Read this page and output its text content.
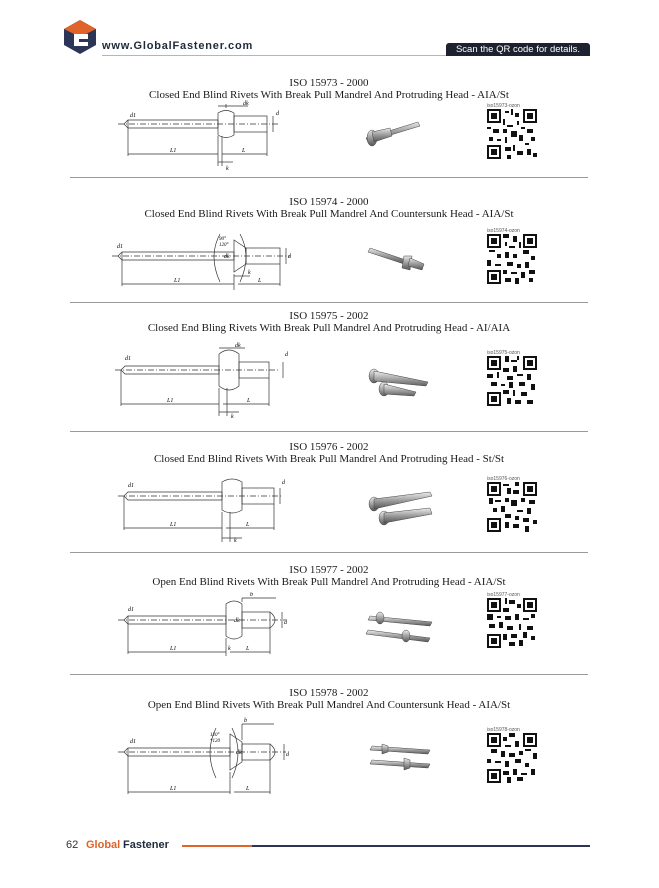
www.GlobalFastener.com	Scan the QR code for details.
ISO 15973 - 2000
Closed End Blind Rivets With Break Pull Mandrel And Protruding Head - AIA/St
d1
dk
d
L1	L
k
iso15973-ozon
ISO 15974 - 2000
Closed End Blind Rivets With Break Pull Mandrel And Countersunk Head - AIA/St
d1
90°
120°
dk	d
L1	L
k
iso15974-ozon
ISO 15975 - 2002
Closed End Bling Rivets With Break Pull Mandrel And Protruding Head - AI/AIA
d1
dk
d
L1	L
k
iso15975-ozon
ISO 15976 - 2002
Closed End Blind Rivets With Break Pull Mandrel And Protruding Head - St/St
d1	d
L1	L
k
iso15976-ozon
ISO 15977 - 2002
Open End Blind Rivets With Break Pull Mandrel And Protruding Head - AIA/St
d1
b
dk	d
L1	L
k
iso15977-ozon
ISO 15978 - 2002
Open End Blind Rivets With Break Pull Mandrel And Countersunk Head - AIA/St
d1
b
120°
*120
dk	d
L1	L
iso15978-ozon
62 Global Fastener
